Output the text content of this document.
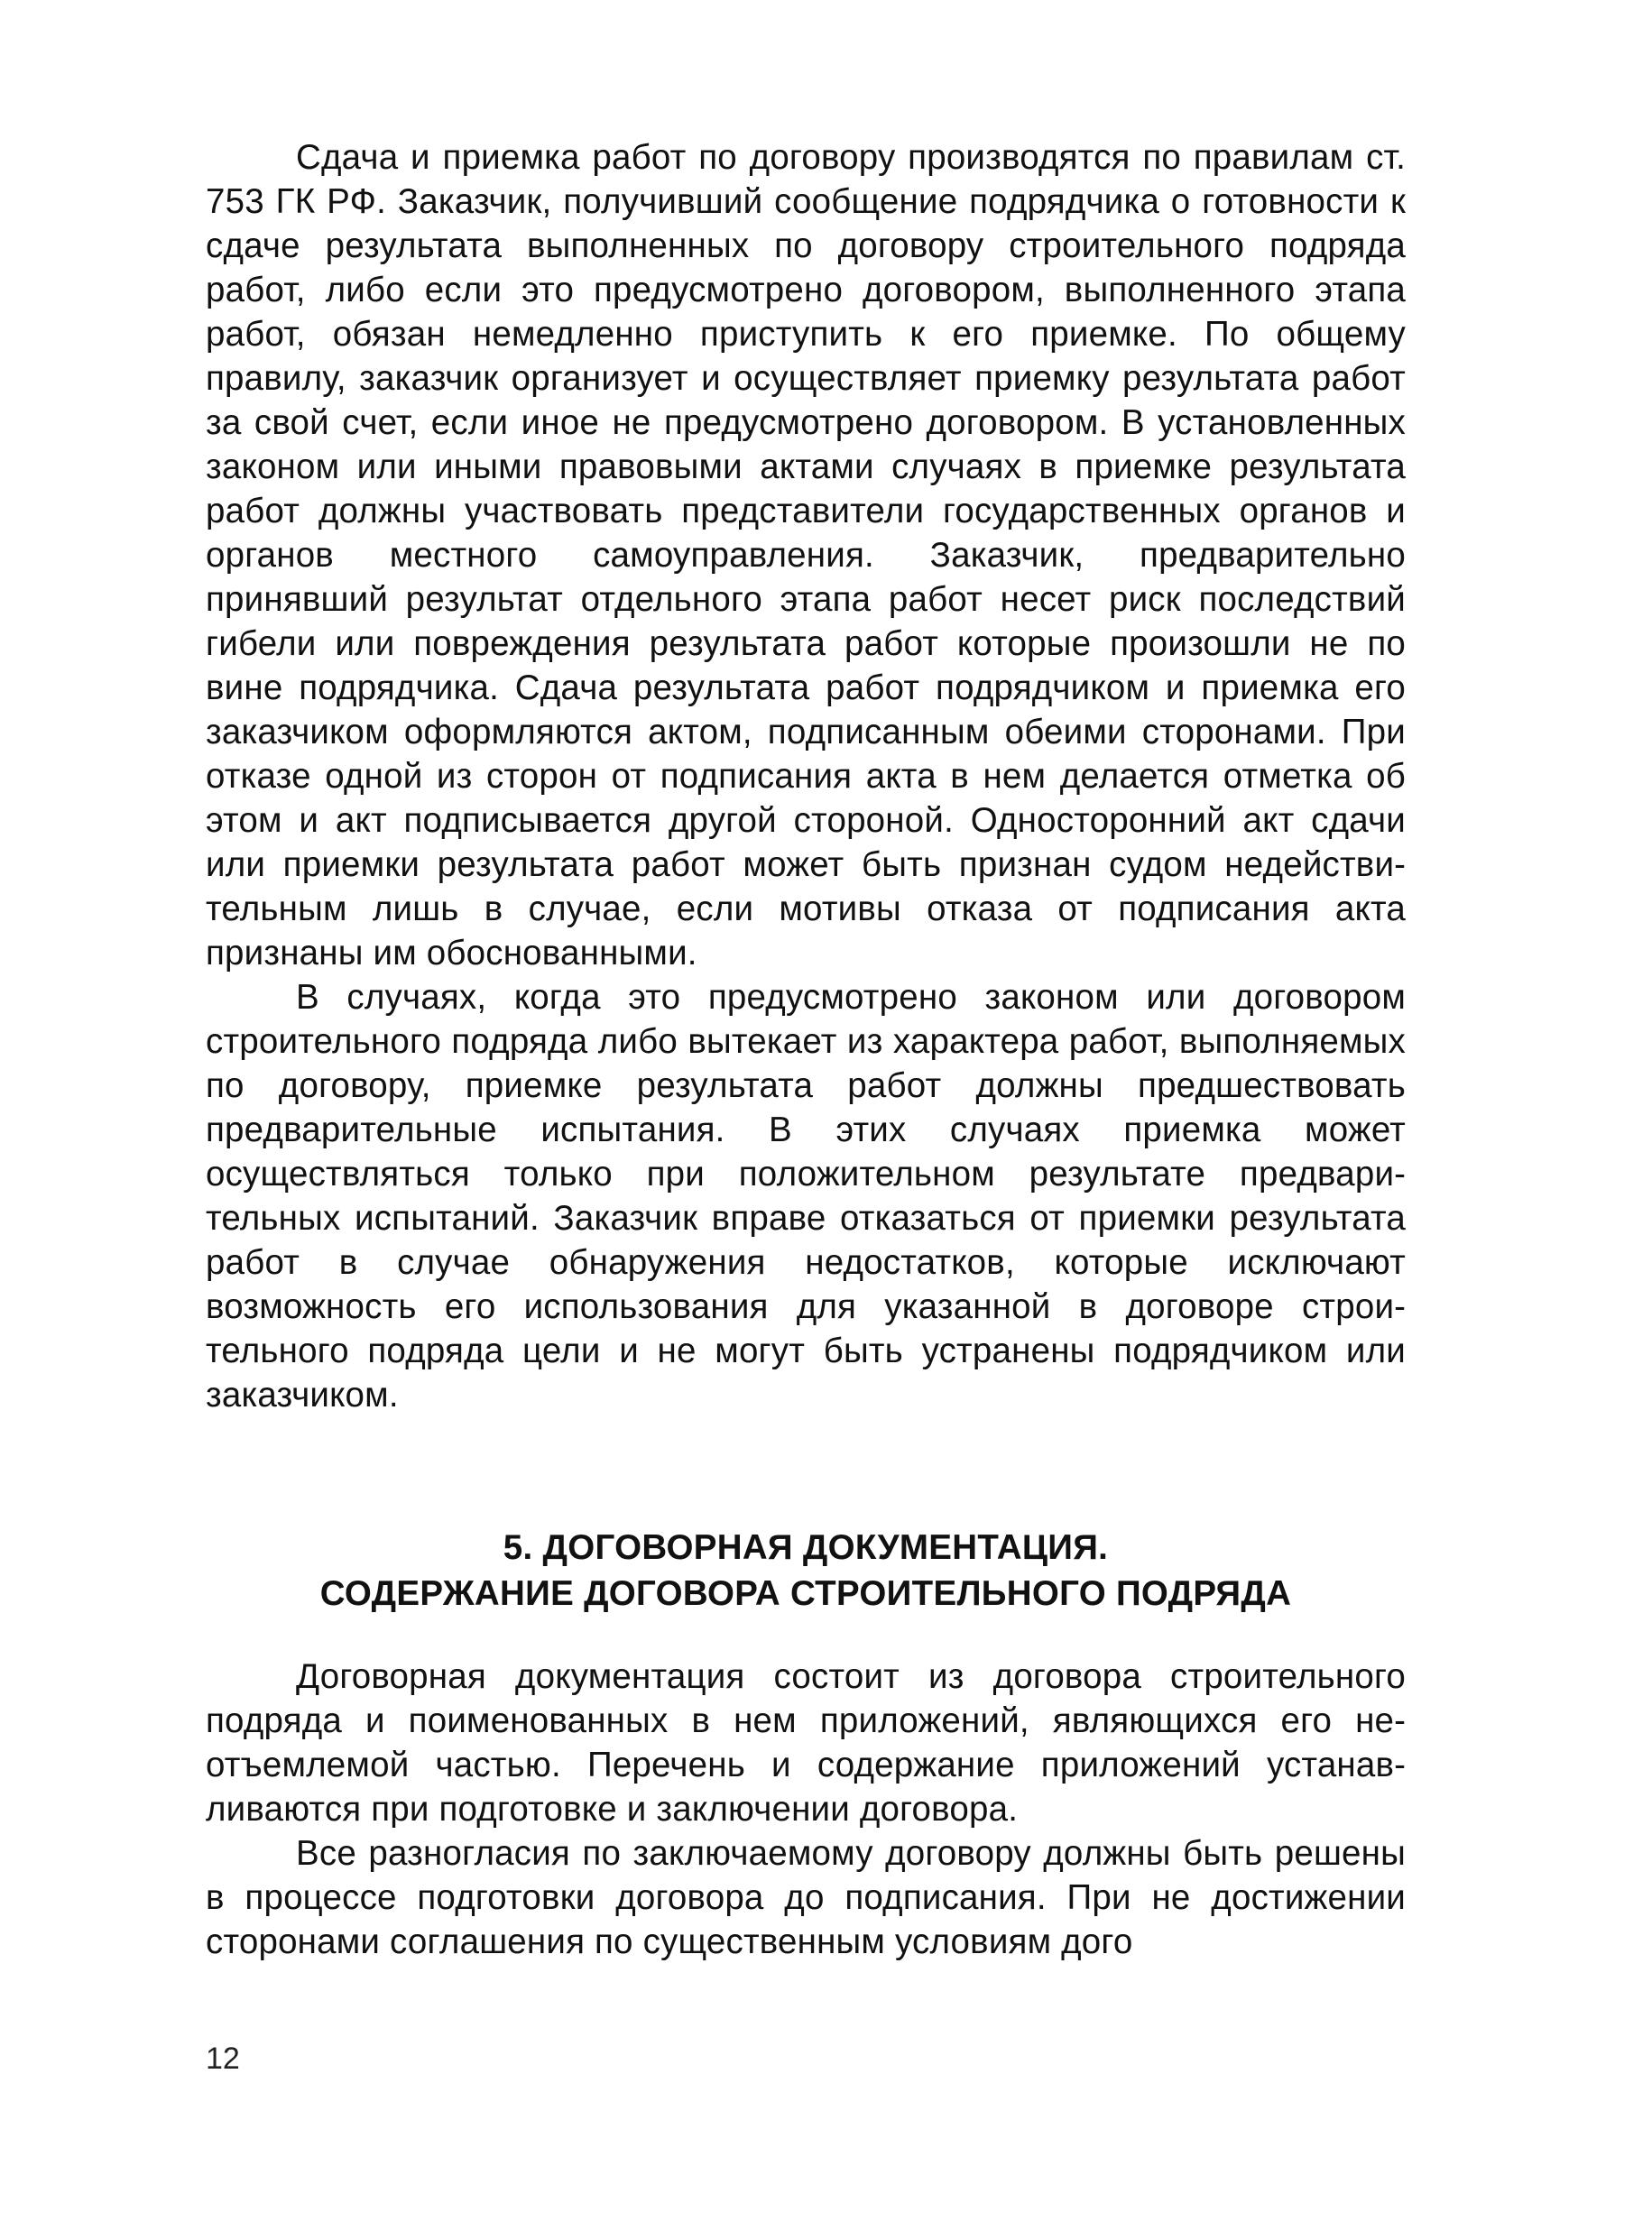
Сдача и приемка работ по договору производятся по правилам ст. 753 ГК РФ. Заказчик, получивший сообщение подрядчика о готовности к сдаче результата выполненных по договору строительного подряда работ, либо если это предусмотрено договором, выполненного этапа работ, обязан немедленно приступить к его приемке. По общему правилу, заказчик организует и осуществляет приемку результата работ за свой счет, если иное не предусмотрено договором. В установленных законом или иными правовыми актами случаях в приемке результата работ должны участвовать представители государственных органов и органов местного самоуправления. Заказчик, предварительно принявший результат отдельного этапа работ несет риск последствий гибели или повреждения результата работ которые произошли не по вине подрядчика. Сдача результата работ подрядчиком и приемка его заказчиком оформляются актом, подписанным обеими сторонами. При отказе одной из сторон от подписания акта в нем делается отметка об этом и акт подписывается другой стороной. Односторонний акт сдачи или приемки результата работ может быть признан судом недействительным лишь в случае, если мотивы отказа от подписания акта признаны им обоснованными.

В случаях, когда это предусмотрено законом или договором строительного подряда либо вытекает из характера работ, выполняемых по договору, приемке результата работ должны предшествовать предварительные испытания. В этих случаях приемка может осуществляться только при положительном результате предварительных испытаний. Заказчик вправе отказаться от приемки результата работ в случае обнаружения недостатков, которые исключают возможность его использования для указанной в договоре строительного подряда цели и не могут быть устранены подрядчиком или заказчиком.

5. ДОГОВОРНАЯ ДОКУМЕНТАЦИЯ.
СОДЕРЖАНИЕ ДОГОВОРА СТРОИТЕЛЬНОГО ПОДРЯДА

Договорная документация состоит из договора строительного подряда и поименованных в нем приложений, являющихся его неотъемлемой частью. Перечень и содержание приложений устанавливаются при подготовке и заключении договора.

Все разногласия по заключаемому договору должны быть решены в процессе подготовки договора до подписания. При не достижении сторонами соглашения по существенным условиям дого

12
